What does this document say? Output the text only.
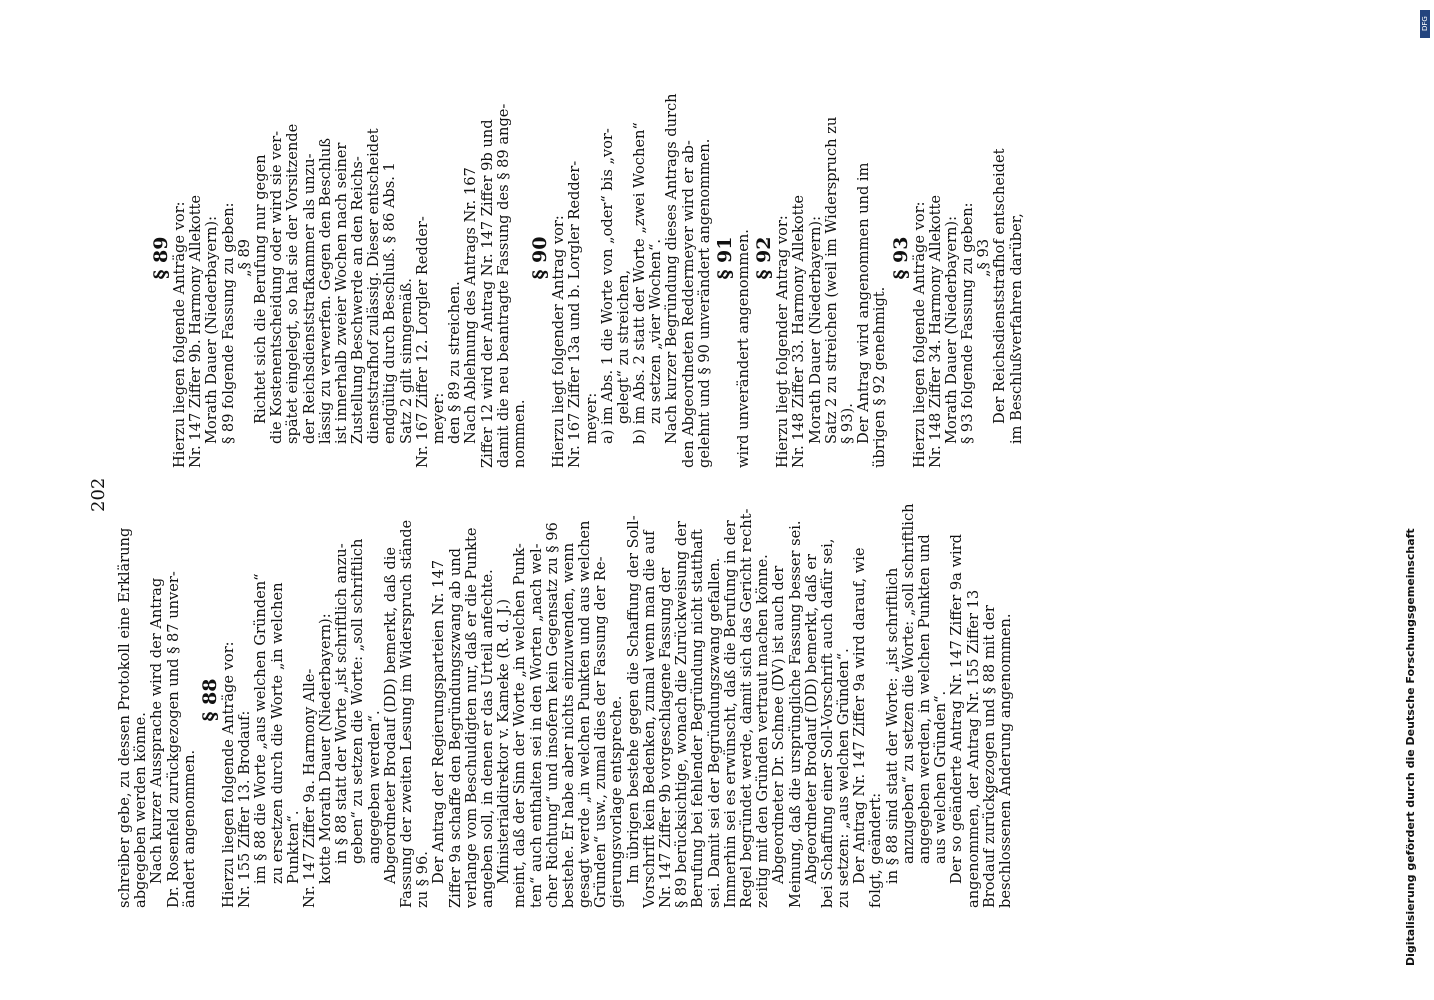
202
schreiber gebe, zu dessen Protokoll eine Erklärung abgegeben werden könne. Nach kurzer Aussprache wird der Antrag Dr. Rosenfeld zurückgezogen und § 87 unver- ändert angenommen.
§ 88 Hierzu liegen folgende Anträge vor: Nr. 155 Ziffer 13. Brodauf: im § 88 die Worte „aus welchen Gründen“ zu ersetzen durch die Worte „in welchen Punkten“. Nr. 147 Ziffer 9a. Harmony Alle- kotte Morath Dauer (Niederbayern): in § 88 statt der Worte „ist schriftlich anzu- geben“ zu setzen die Worte: „soll schriftlich angegeben werden“. Abgeordneter Brodauf (DD) bemerkt, daß die Fassung der zweiten Lesung im Widerspruch stände zu § 96. Der Antrag der Regierungsparteien Nr. 147 Ziffer 9a schaffe den Begründungszwang ab und verlange vom Beschuldigten nur, daß er die Punkte angeben soll, in denen er das Urteil anfechte. Ministerialdirektor v. Kameke (R. d. J.) meint, daß der Sinn der Worte „in welchen Punk- ten“ auch enthalten sei in den Worten „nach wel- cher Richtung“ und insofern kein Gegensatz zu § 96 bestehe. Er habe aber nichts einzuwenden, wenn gesagt werde „in welchen Punkten und aus welchen Gründen“ usw., zumal dies der Fassung der Re- gierungsvorlage entspreche. Im übrigen bestehe gegen die Schaffung der Soll- Vorschrift kein Bedenken, zumal wenn man die auf Nr. 147 Ziffer 9b vorgeschlagene Fassung der § 89 berücksichtige, wonach die Zurückweisung der Berufung bei fehlender Begründung nicht statthaft sei. Damit sei der Begründungszwang gefallen. Immerhin sei es erwünscht, daß die Berufung in der Regel begründet werde, damit sich das Gericht recht- zeitig mit den Gründen vertraut machen könne. Abgeordneter Dr. Schnee (DV) ist auch der Meinung, daß die ursprüngliche Fassung besser sei. Abgeordneter Brodauf (DD) bemerkt, daß er bei Schaffung einer Soll-Vorschrift auch dafür sei, zu setzen: „aus welchen Gründen“. Der Antrag Nr. 147 Ziffer 9a wird darauf, wie folgt, geändert: in § 88 sind statt der Worte: „ist schriftlich anzugeben“ zu setzen die Worte: „soll schriftlich angegeben werden, in welchen Punkten und aus welchen Gründen“. Der so geänderte Antrag Nr. 147 Ziffer 9a wird angenommen, der Antrag Nr. 155 Ziffer 13 Brodauf zurückgezogen und § 88 mit der beschlossenen Änderung angenommen.
§ 89 Hierzu liegen folgende Anträge vor: Nr. 147 Ziffer 9b. Harmony Allekotte Morath Dauer (Niederbayern): § 89 folgende Fassung zu geben: „§ 89 Richtet sich die Berufung nur gegen die Kostenentscheidung oder wird sie ver- spätet eingelegt, so hat sie der Vorsitzende der Reichsdienststrafkammer als unzu- lässig zu verwerfen. Gegen den Beschluß ist innerhalb zweier Wochen nach seiner Zustellung Beschwerde an den Reichs- dienststrafhof zulässig. Dieser entscheidet endgültig durch Beschluß. § 86 Abs. 1 Satz 2 gilt sinngemäß. Nr. 167 Ziffer 12. Lorgler Redder- meyer: den § 89 zu streichen. Nach Ablehnung des Antrags Nr. 167 Ziffer 12 wird der Antrag Nr. 147 Ziffer 9b und damit die neu beantragte Fassung des § 89 ange- nommen.
§ 90 Hierzu liegt folgender Antrag vor: Nr. 167 Ziffer 13a und b. Lorgler Redder- meyer: a) im Abs. 1 die Worte von „oder“ bis „vor- gelegt“ zu streichen, b) im Abs. 2 statt der Worte „zwei Wochen“ zu setzen „vier Wochen“. Nach kurzer Begründung dieses Antrags durch den Abgeordneten Reddermeyer wird er ab- gelehnt und § 90 unverändert angenommen. § 91 wird unverändert angenommen. § 92 Hierzu liegt folgender Antrag vor: Nr. 148 Ziffer 33. Harmony Allekotte Morath Dauer (Niederbayern): Satz 2 zu streichen (weil im Widerspruch zu § 93). Der Antrag wird angenommen und im übrigen § 92 genehmigt.
§ 93 Hierzu liegen folgende Anträge vor: Nr. 148 Ziffer 34. Harmony Allekotte Morath Dauer (Niederbayern): § 93 folgende Fassung zu geben: „§ 93 Der Reichsdienststrafhof entscheidet im Beschlußverfahren darüber,
Digitalisierung gefördert durch die Deutsche Forschungsgemeinschaft
DFG
